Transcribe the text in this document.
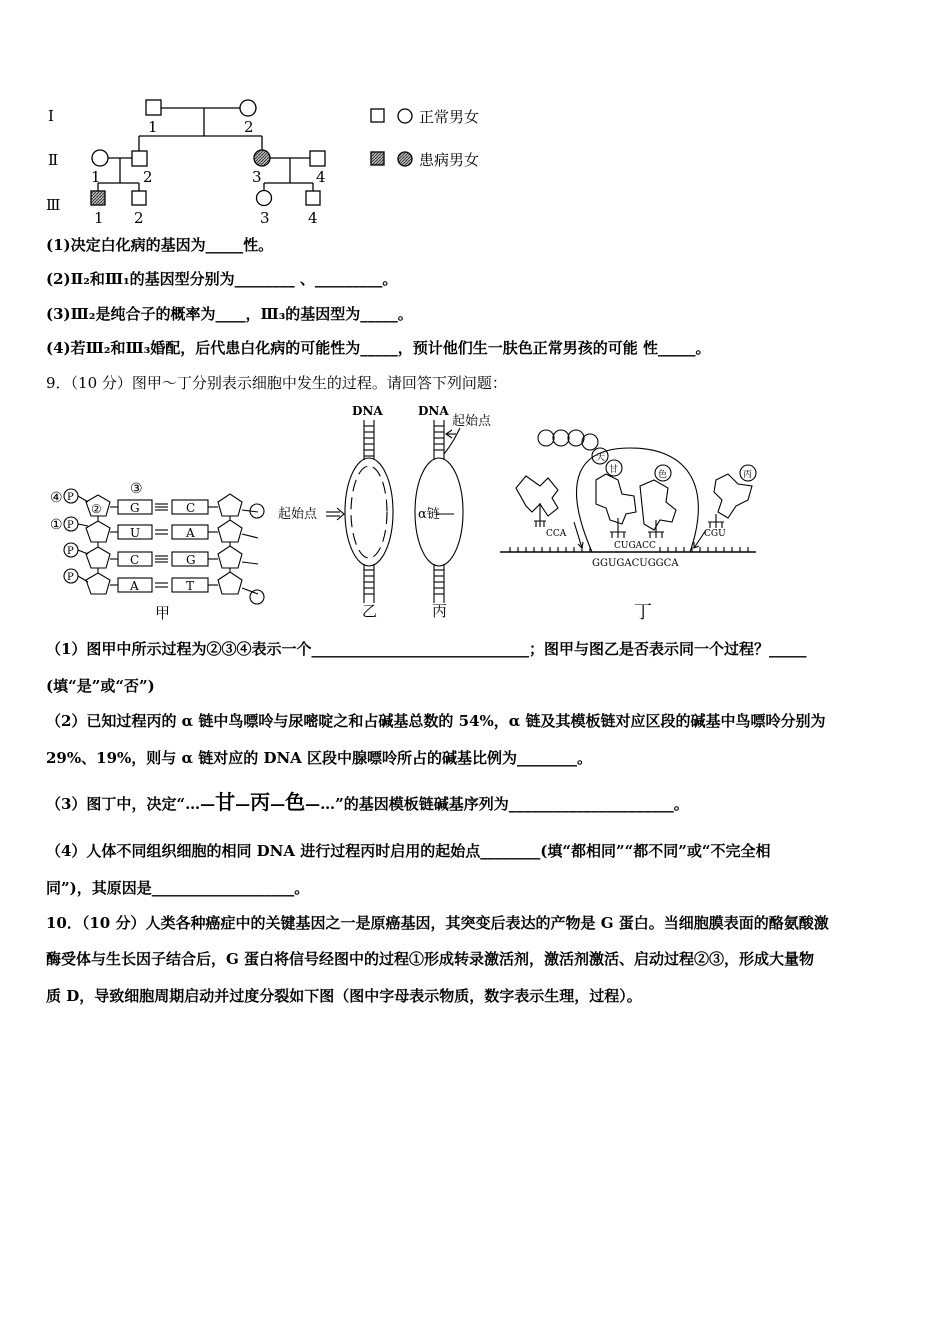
Ⅰ
Ⅱ
Ⅲ
1	2
1	2	3	4
1 2	3	4
正常男女
患病男女
(1)决定白化病的基因为_____性。
(2)Ⅱ₂和Ⅲ₁的基因型分别为________ 、_________。
(3)Ⅲ₂是纯合子的概率为____，Ⅲ₃的基因型为_____。
(4)若Ⅲ₂和Ⅲ₃婚配，后代患白化病的可能性为_____，预计他们生一肤色正常男孩的可能 性_____。
9．（10 分）图甲～丁分别表示细胞中发生的过程。请回答下列问题：
④
①
③
②
P
P
P
P
G	C
U	A
C	G
A	T
甲
DNA	DNA
起始点
起始点	α链
乙	丙	丁
甘
天
色	丙
CCA
CUGACC
CGU
GGUGACUGGCA
（1）图甲中所示过程为②③④表示一个_____________________________；图甲与图乙是否表示同一个过程？_____
(填“是”或“否”)
（2）已知过程丙的 α 链中鸟嘌呤与尿嘧啶之和占碱基总数的 54%，α 链及其模板链对应区段的碱基中鸟嘌呤分别为
29%、19%，则与 α 链对应的 DNA 区段中腺嘌呤所占的碱基比例为________。
（3）图丁中，决定“…—甘—丙—色—…”的基因模板链碱基序列为______________________。
（4）人体不同组织细胞的相同 DNA 进行过程丙时启用的起始点________(填“都相同”“都不同”或“不完全相
同”)，其原因是___________________。
10．（10 分）人类各种癌症中的关键基因之一是原癌基因，其突变后表达的产物是 G 蛋白。当细胞膜表面的酪氨酸激
酶受体与生长因子结合后，G 蛋白将信号经图中的过程①形成转录激活剂，激活剂激活、启动过程②③，形成大量物
质 D，导致细胞周期启动并过度分裂如下图（图中字母表示物质，数字表示生理，过程）。
